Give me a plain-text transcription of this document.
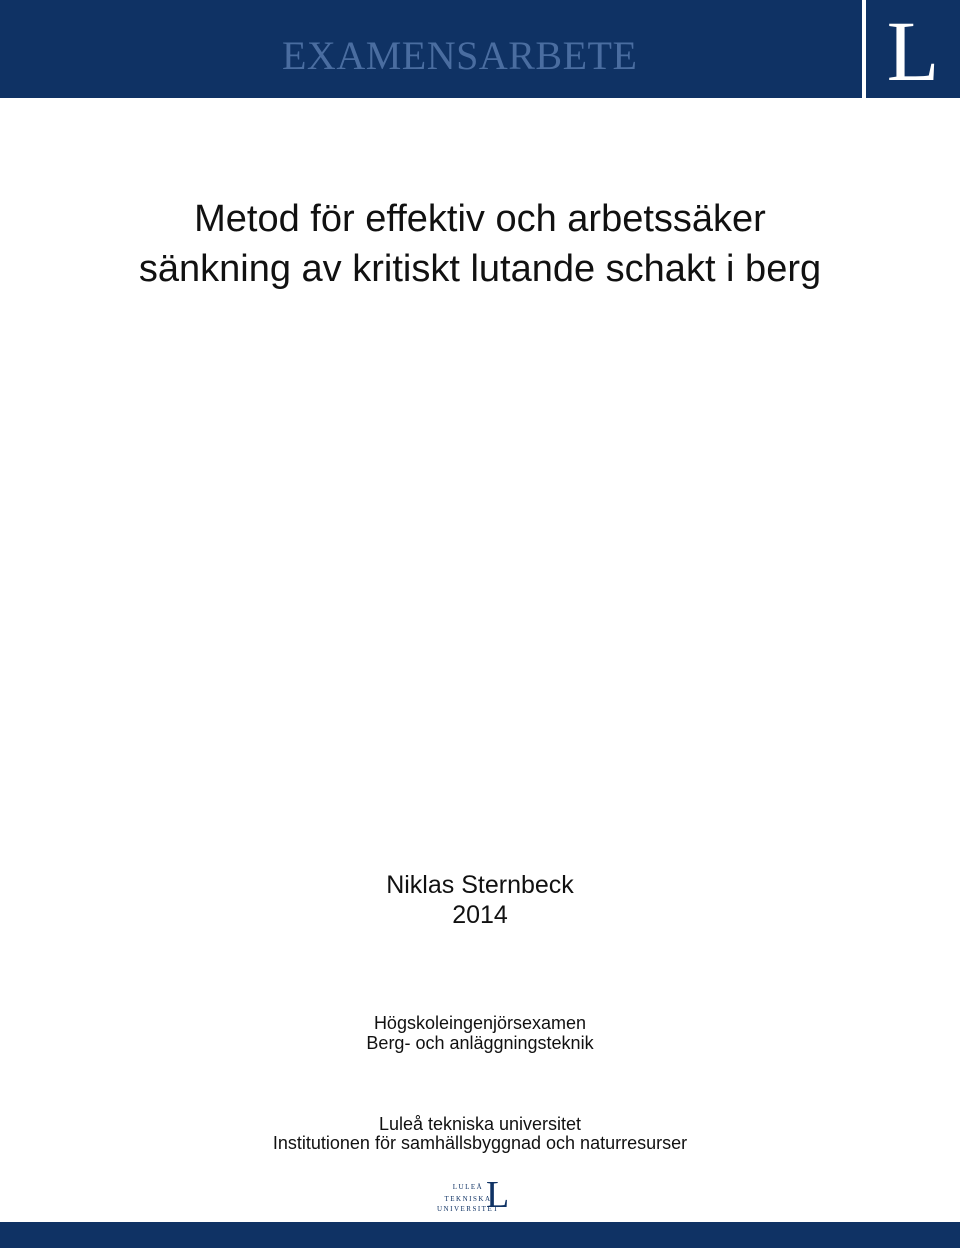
EXAMENSARBETE	L
Metod för effektiv och arbetssäker
sänkning av kritiskt lutande schakt i berg
Niklas Sternbeck
2014
Högskoleingenjörsexamen
Berg- och anläggningsteknik
Luleå tekniska universitet
Institutionen för samhällsbyggnad och naturresurser
LULEÅ
TEKNISKA
UNIVERSITET
L
